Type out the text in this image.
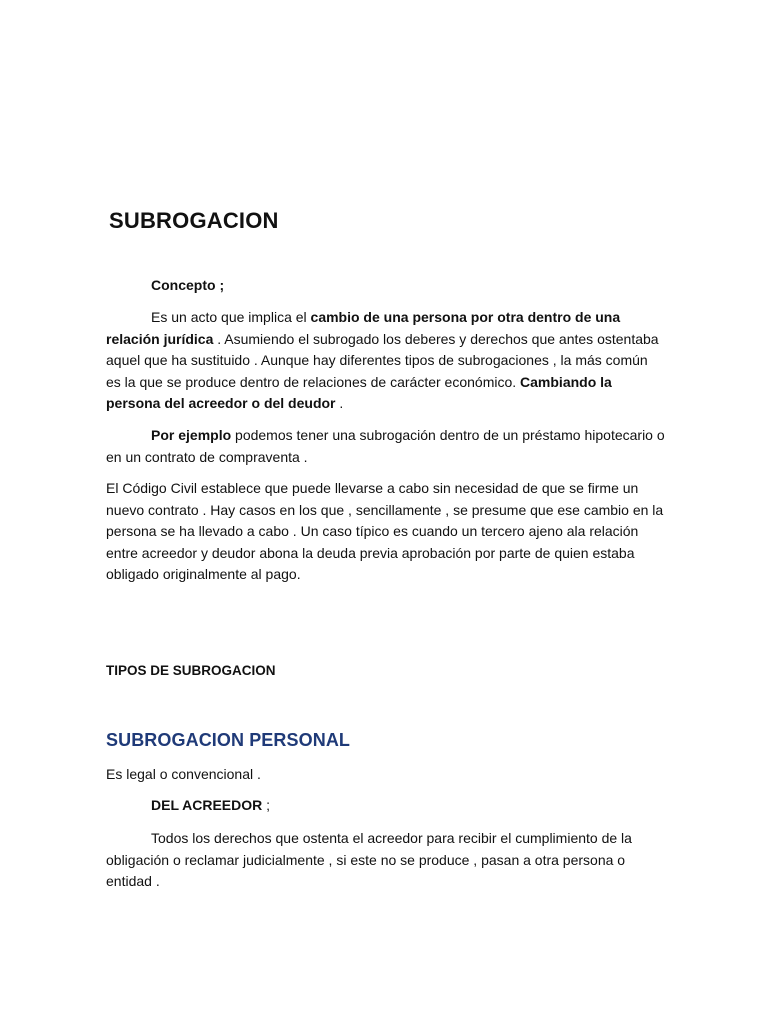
SUBROGACION

Concepto ;

Es un acto que implica el cambio de una persona por otra dentro de una relación jurídica . Asumiendo el subrogado los deberes y derechos que antes ostentaba aquel que ha sustituido . Aunque hay diferentes tipos de subrogaciones , la más común es la que se produce dentro de relaciones de carácter económico. Cambiando la persona del acreedor o del deudor .

Por ejemplo podemos tener una subrogación dentro de un préstamo hipotecario o en un contrato de compraventa .

El Código Civil establece que puede llevarse a cabo sin necesidad de que se firme un nuevo contrato . Hay casos en los que , sencillamente , se presume que ese cambio en la persona se ha llevado a cabo . Un caso típico es cuando un tercero ajeno ala relación entre acreedor y deudor abona la deuda previa aprobación por parte de quien estaba obligado originalmente al pago.

TIPOS DE SUBROGACION

SUBROGACION PERSONAL

Es legal o convencional .

DEL ACREEDOR ;

Todos los derechos que ostenta el acreedor para recibir el cumplimiento de la obligación o reclamar judicialmente , si este no se produce , pasan a otra persona o entidad .
